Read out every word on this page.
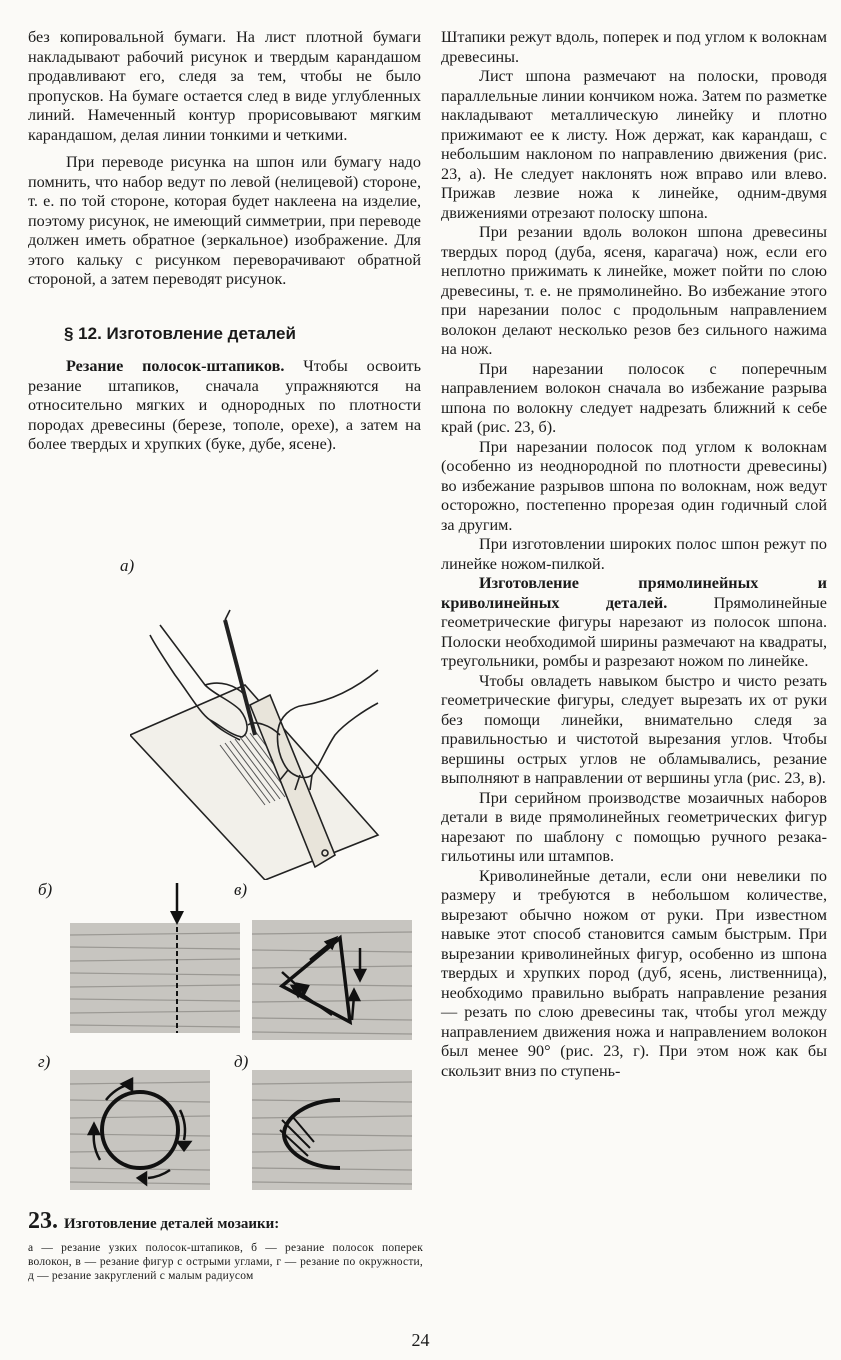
без копировальной бумаги. На лист плотной бумаги накладывают рабочий рисунок и твердым карандашом продавливают его, следя за тем, чтобы не было пропусков. На бумаге остается след в виде углубленных линий. Намеченный контур прорисовывают мягким карандашом, делая линии тонкими и четкими.

При переводе рисунка на шпон или бумагу надо помнить, что набор ведут по левой (нелицевой) стороне, т. е. по той стороне, которая будет наклеена на изделие, поэтому рисунок, не имеющий симметрии, при переводе должен иметь обратное (зеркальное) изображение. Для этого кальку с рисунком переворачивают обратной стороной, а затем переводят рисунок.

§ 12. Изготовление деталей

Резание полосок-штапиков. Чтобы освоить резание штапиков, сначала упражняются на относительно мягких и однородных по плотности породах древесины (березе, тополе, орехе), а затем на более твердых и хрупких (буке, дубе, ясене).

а)
б)	в)
г)	д)
23. Изготовление деталей мозаики:
а — резание узких полосок-штапиков, б — резание полосок поперек волокон, в — резание фигур с острыми углами, г — резание по окружности, д — резание закруглений с малым радиусом

Штапики режут вдоль, поперек и под углом к волокнам древесины.

Лист шпона размечают на полоски, проводя параллельные линии кончиком ножа. Затем по разметке накладывают металлическую линейку и плотно прижимают ее к листу. Нож держат, как карандаш, с небольшим наклоном по направлению движения (рис. 23, а). Не следует наклонять нож вправо или влево. Прижав лезвие ножа к линейке, одним-двумя движениями отрезают полоску шпона.

При резании вдоль волокон шпона древесины твердых пород (дуба, ясеня, карагача) нож, если его неплотно прижимать к линейке, может пойти по слою древесины, т. е. не прямолинейно. Во избежание этого при нарезании полос с продольным направлением волокон делают несколько резов без сильного нажима на нож.

При нарезании полосок с поперечным направлением волокон сначала во избежание разрыва шпона по волокну следует надрезать ближний к себе край (рис. 23, б).

При нарезании полосок под углом к волокнам (особенно из неоднородной по плотности древесины) во избежание разрывов шпона по волокнам, нож ведут осторожно, постепенно прорезая один годичный слой за другим.

При изготовлении широких полос шпон режут по линейке ножом-пилкой.

Изготовление прямолинейных и криволинейных деталей. Прямолинейные геометрические фигуры нарезают из полосок шпона. Полоски необходимой ширины размечают на квадраты, треугольники, ромбы и разрезают ножом по линейке.

Чтобы овладеть навыком быстро и чисто резать геометрические фигуры, следует вырезать их от руки без помощи линейки, внимательно следя за правильностью и чистотой вырезания углов. Чтобы вершины острых углов не обламывались, резание выполняют в направлении от вершины угла (рис. 23, в).

При серийном производстве мозаичных наборов детали в виде прямолинейных геометрических фигур нарезают по шаблону с помощью ручного резака-гильотины или штампов.

Криволинейные детали, если они невелики по размеру и требуются в небольшом количестве, вырезают обычно ножом от руки. При известном навыке этот способ становится самым быстрым. При вырезании криволинейных фигур, особенно из шпона твердых и хрупких пород (дуб, ясень, лиственница), необходимо правильно выбрать направление резания — резать по слою древесины так, чтобы угол между направлением движения ножа и направлением волокон был менее 90° (рис. 23, г). При этом нож как бы скользит вниз по ступень-

24
